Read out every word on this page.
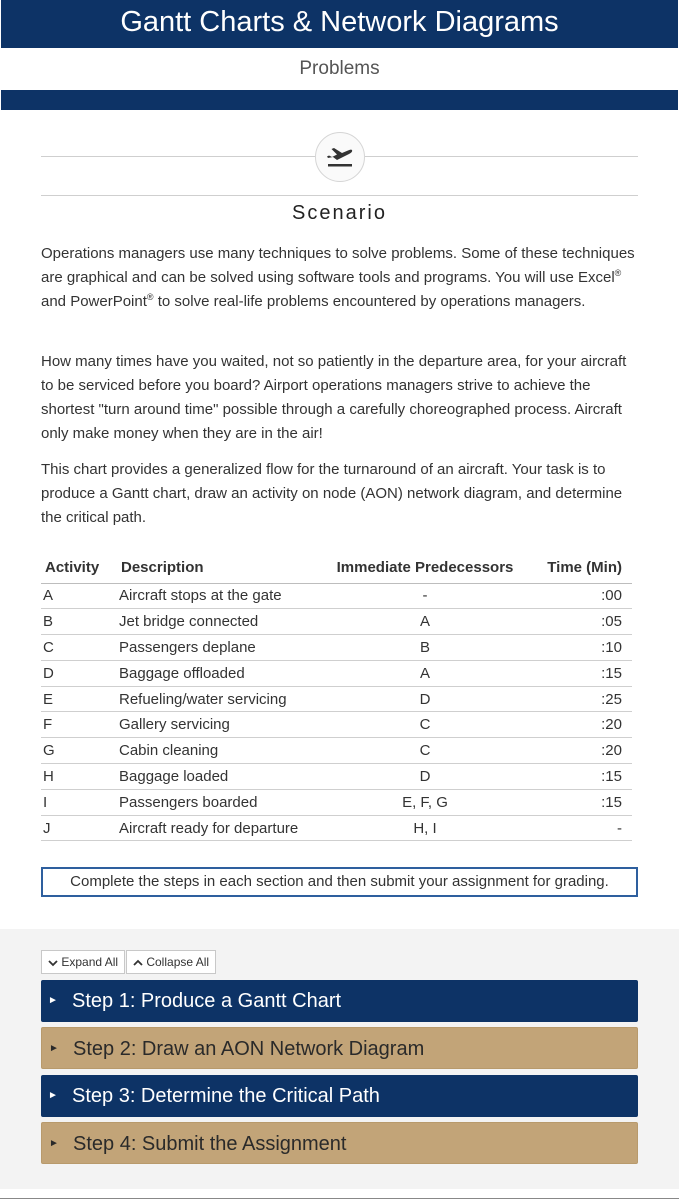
Gantt Charts & Network Diagrams
Problems
Scenario
Operations managers use many techniques to solve problems. Some of these techniques are graphical and can be solved using software tools and programs. You will use Excel® and PowerPoint® to solve real-life problems encountered by operations managers.
How many times have you waited, not so patiently in the departure area, for your aircraft to be serviced before you board? Airport operations managers strive to achieve the shortest "turn around time" possible through a carefully choreographed process. Aircraft only make money when they are in the air!
This chart provides a generalized flow for the turnaround of an aircraft. Your task is to produce a Gantt chart, draw an activity on node (AON) network diagram, and determine the critical path.
Activity	Description	Immediate Predecessors	Time (Min)
A	Aircraft stops at the gate	-	:00
B	Jet bridge connected	A	:05
C	Passengers deplane	B	:10
D	Baggage offloaded	A	:15
E	Refueling/water servicing	D	:25
F	Gallery servicing	C	:20
G	Cabin cleaning	C	:20
H	Baggage loaded	D	:15
I	Passengers boarded	E, F, G	:15
J	Aircraft ready for departure	H, I	-
Complete the steps in each section and then submit your assignment for grading.
Expand All	Collapse All
► Step 1: Produce a Gantt Chart
► Step 2: Draw an AON Network Diagram
► Step 3: Determine the Critical Path
► Step 4: Submit the Assignment
